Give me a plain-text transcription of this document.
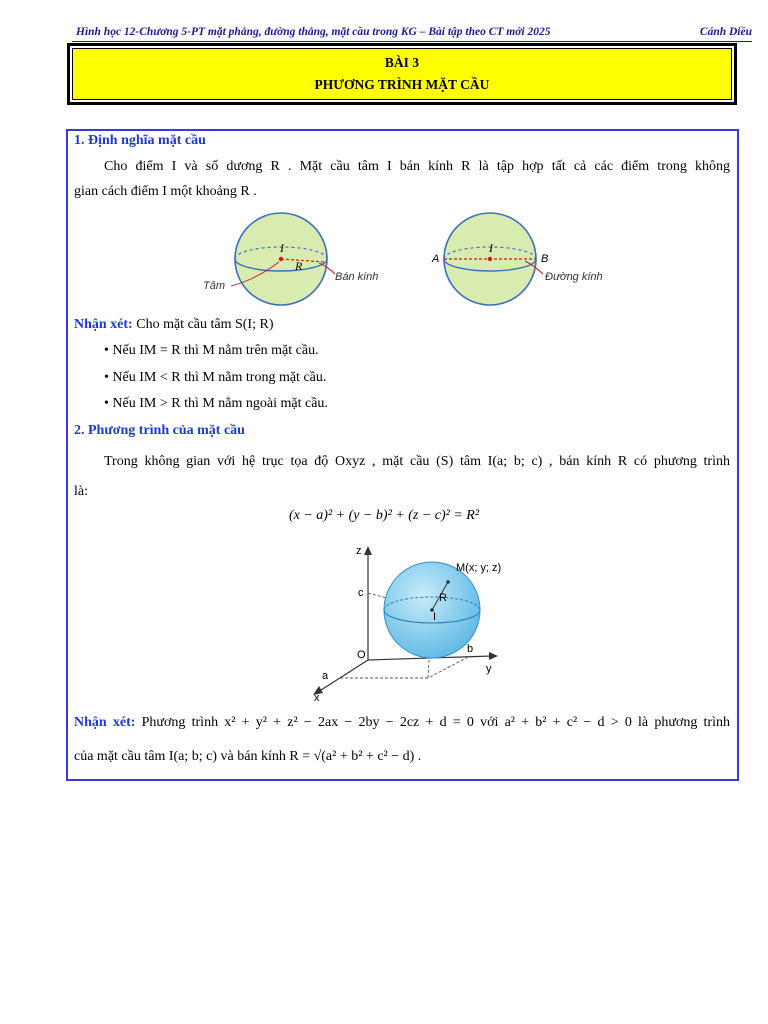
Hình học 12-Chương 5-PT mặt phẳng, đường thẳng, mặt cầu trong KG – Bài tập theo CT mới 2025	Cánh Diều
BÀI 3
PHƯƠNG TRÌNH MẶT CẦU
1. Định nghĩa mặt cầu
Cho điểm I và số dương R . Mặt cầu tâm I bán kính R là tập hợp tất cả các điểm trong không
gian cách điểm I một khoảng R .
I
R
Tâm
Bán kính
I
A	B
Đường kính
Nhận xét: Cho mặt cầu tâm S(I; R)
• Nếu IM = R thì M nằm trên mặt cầu.
• Nếu IM < R thì M nằm trong mặt cầu.
• Nếu IM > R thì M nằm ngoài mặt cầu.
2. Phương trình của mặt cầu
Trong không gian với hệ trục tọa độ Oxyz , mặt cầu (S) tâm I(a; b; c) , bán kính R có phương trình
là:
(x − a)² + (y − b)² + (z − c)² = R²
z
c
M(x; y; z)
R
I
O	b
y
a
x
Nhận xét: Phương trình x² + y² + z² − 2ax − 2by − 2cz + d = 0 với a² + b² + c² − d > 0 là phương trình
của mặt cầu tâm I(a; b; c) và bán kính R = √(a² + b² + c² − d) .
